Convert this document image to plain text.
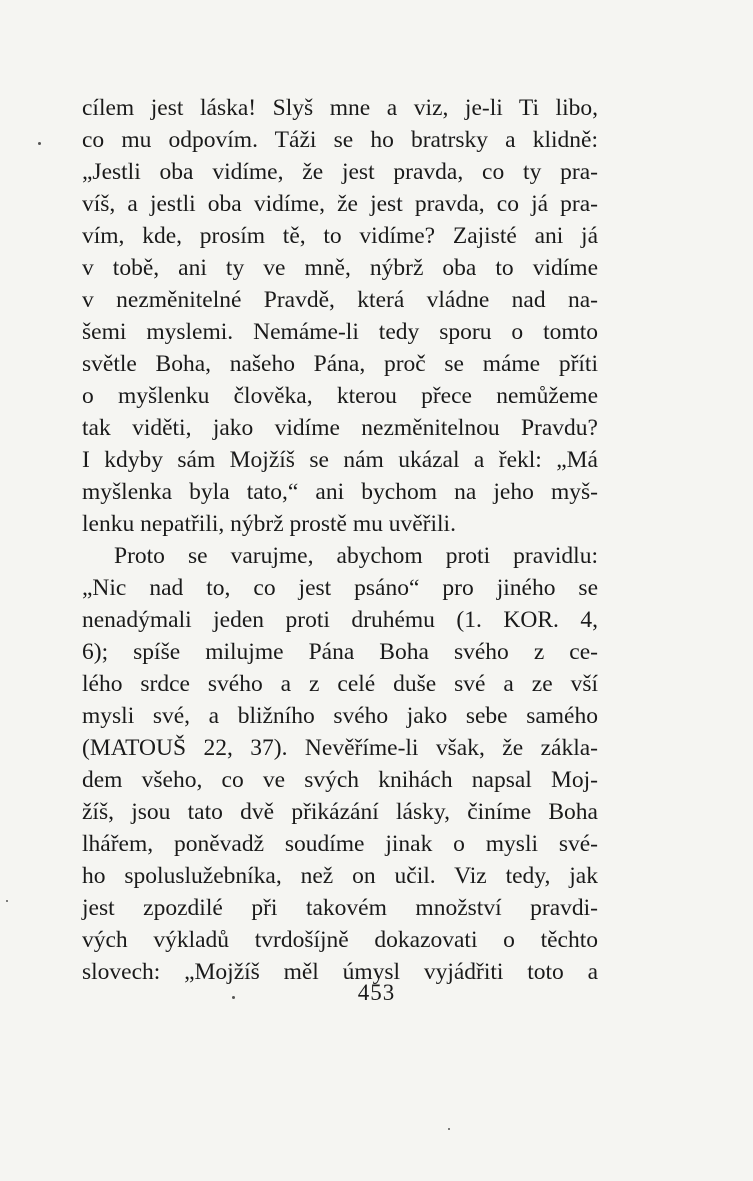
cílem jest láska! Slyš mne a viz, je-li Ti libo,
co mu odpovím. Táži se ho bratrsky a klidně:
„Jestli oba vidíme, že jest pravda, co ty pra-
víš, a jestli oba vidíme, že jest pravda, co já pra-
vím, kde, prosím tě, to vidíme? Zajisté ani já
v tobě, ani ty ve mně, nýbrž oba to vidíme
v nezměnitelné Pravdě, která vládne nad na-
šemi myslemi. Nemáme-li tedy sporu o tomto
světle Boha, našeho Pána, proč se máme příti
o myšlenku člověka, kterou přece nemůžeme
tak viděti, jako vidíme nezměnitelnou Pravdu?
I kdyby sám Mojžíš se nám ukázal a řekl: „Má
myšlenka byla tato,“ ani bychom na jeho myš-
lenku nepatřili, nýbrž prostě mu uvěřili.
Proto se varujme, abychom proti pravidlu:
„Nic nad to, co jest psáno“ pro jiného se
nenadýmali jeden proti druhému (1. KOR. 4,
6); spíše milujme Pána Boha svého z ce-
lého srdce svého a z celé duše své a ze vší
mysli své, a bližního svého jako sebe samého
(MATOUŠ 22, 37). Nevěříme-li však, že zákla-
dem všeho, co ve svých knihách napsal Moj-
žíš, jsou tato dvě přikázání lásky, činíme Boha
lhářem, poněvadž soudíme jinak o mysli své-
ho spoluslužebníka, než on učil. Viz tedy, jak
jest zpozdilé při takovém množství pravdi-
vých výkladů tvrdošíjně dokazovati o těchto
slovech: „Mojžíš měl úmysl vyjádřiti toto a
453
